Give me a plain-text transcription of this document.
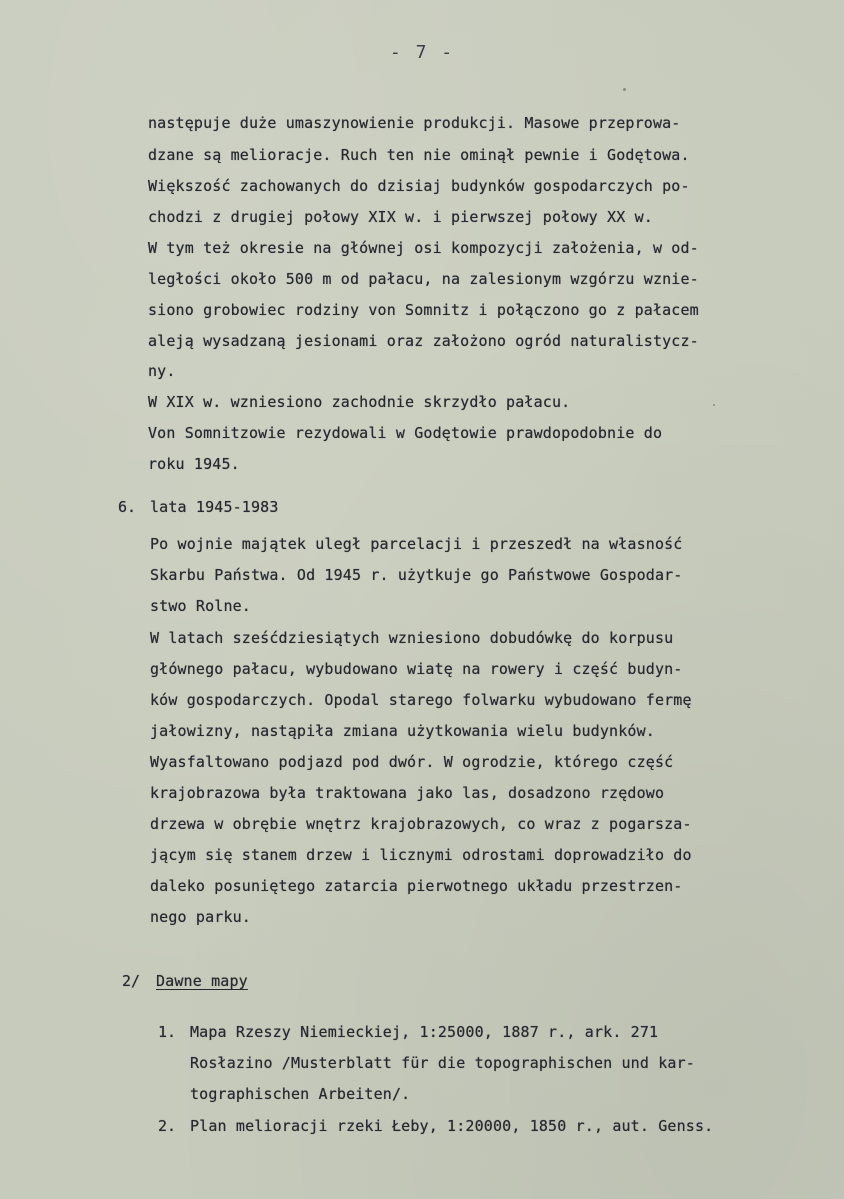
- 7 -
następuje duże umaszynowienie produkcji. Masowe przeprowa-
dzane są melioracje. Ruch ten nie ominął pewnie i Godętowa.
Większość zachowanych do dzisiaj budynków gospodarczych po-
chodzi z drugiej połowy XIX w. i pierwszej połowy XX w.
W tym też okresie na głównej osi kompozycji założenia, w od-
ległości około 500 m od pałacu, na zalesionym wzgórzu wznie-
siono grobowiec rodziny von Somnitz i połączono go z pałacem
aleją wysadzaną jesionami oraz założono ogród naturalistycz-
ny.
W XIX w. wzniesiono zachodnie skrzydło pałacu.
Von Somnitzowie rezydowali w Godętowie prawdopodobnie do
roku 1945.
6. lata 1945-1983
Po wojnie majątek uległ parcelacji i przeszedł na własność
Skarbu Państwa. Od 1945 r. użytkuje go Państwowe Gospodar-
stwo Rolne.
W latach sześćdziesiątych wzniesiono dobudówkę do korpusu
głównego pałacu, wybudowano wiatę na rowery i część budyn-
ków gospodarczych. Opodal starego folwarku wybudowano fermę
jałowizny, nastąpiła zmiana użytkowania wielu budynków.
Wyasfaltowano podjazd pod dwór. W ogrodzie, którego część
krajobrazowa była traktowana jako las, dosadzono rzędowo
drzewa w obrębie wnętrz krajobrazowych, co wraz z pogarsza-
jącym się stanem drzew i licznymi odrostami doprowadziło do
daleko posuniętego zatarcia pierwotnego układu przestrzen-
nego parku.
2/ Dawne mapy
1. Mapa Rzeszy Niemieckiej, 1:25000, 1887 r., ark. 271
Rosłazino /Musterblatt für die topographischen und kar-
tographischen Arbeiten/.
2. Plan melioracji rzeki Łeby, 1:20000, 1850 r., aut. Genss.
